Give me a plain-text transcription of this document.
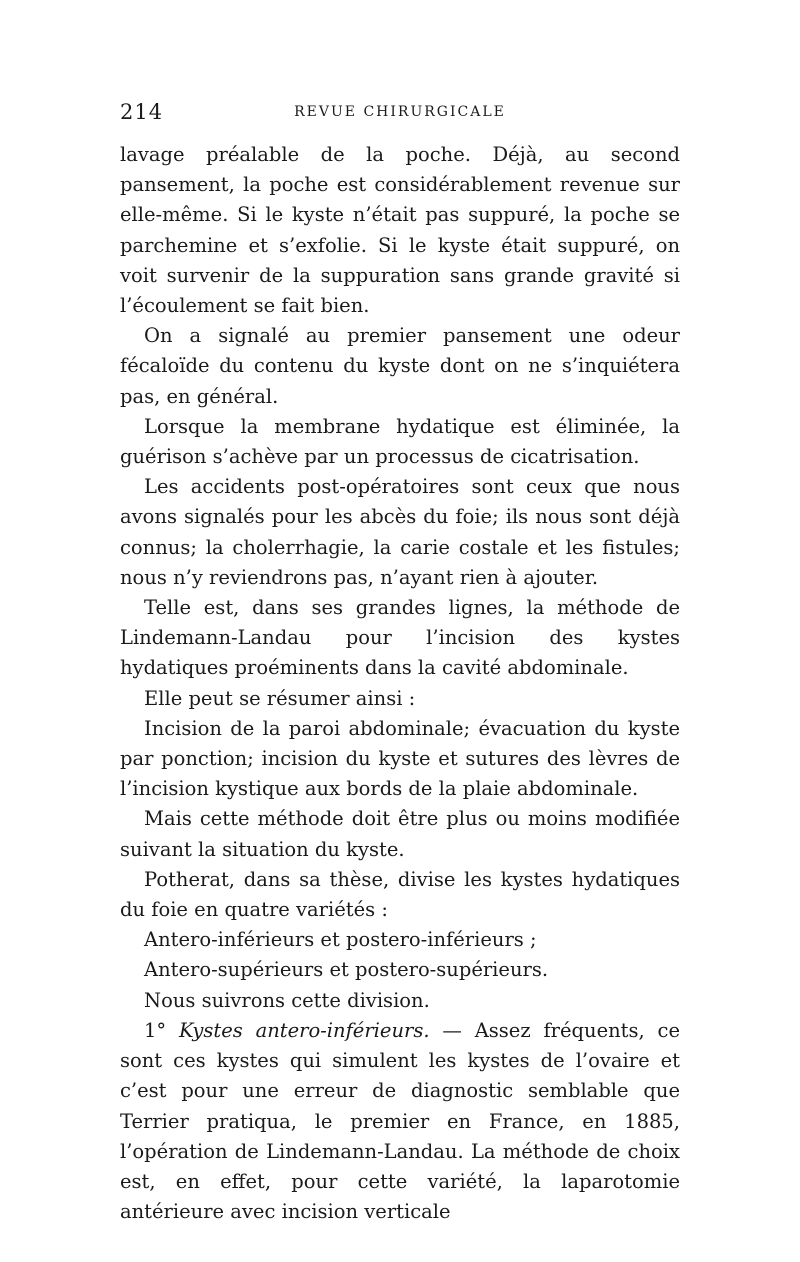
214	REVUE CHIRURGICALE

lavage préalable de la poche. Déjà, au second pansement, la poche est considérablement revenue sur elle-même. Si le kyste n’était pas suppuré, la poche se parchemine et s’exfolie. Si le kyste était suppuré, on voit survenir de la suppuration sans grande gravité si l’écoulement se fait bien.

On a signalé au premier pansement une odeur fécaloïde du contenu du kyste dont on ne s’inquiétera pas, en général.

Lorsque la membrane hydatique est éliminée, la guérison s’achève par un processus de cicatrisation.

Les accidents post-opératoires sont ceux que nous avons signalés pour les abcès du foie; ils nous sont déjà connus; la cholerrhagie, la carie costale et les fistules; nous n’y reviendrons pas, n’ayant rien à ajouter.

Telle est, dans ses grandes lignes, la méthode de Lindemann-Landau pour l’incision des kystes hydatiques proéminents dans la cavité abdominale.

Elle peut se résumer ainsi :

Incision de la paroi abdominale; évacuation du kyste par ponction; incision du kyste et sutures des lèvres de l’incision kystique aux bords de la plaie abdominale.

Mais cette méthode doit être plus ou moins modifiée suivant la situation du kyste.

Potherat, dans sa thèse, divise les kystes hydatiques du foie en quatre variétés :

Antero-inférieurs et postero-inférieurs ;

Antero-supérieurs et postero-supérieurs.

Nous suivrons cette division.

1° Kystes antero-inférieurs. — Assez fréquents, ce sont ces kystes qui simulent les kystes de l’ovaire et c’est pour une erreur de diagnostic semblable que Terrier pratiqua, le premier en France, en 1885, l’opération de Lindemann-Landau. La méthode de choix est, en effet, pour cette variété, la laparotomie antérieure avec incision verticale
